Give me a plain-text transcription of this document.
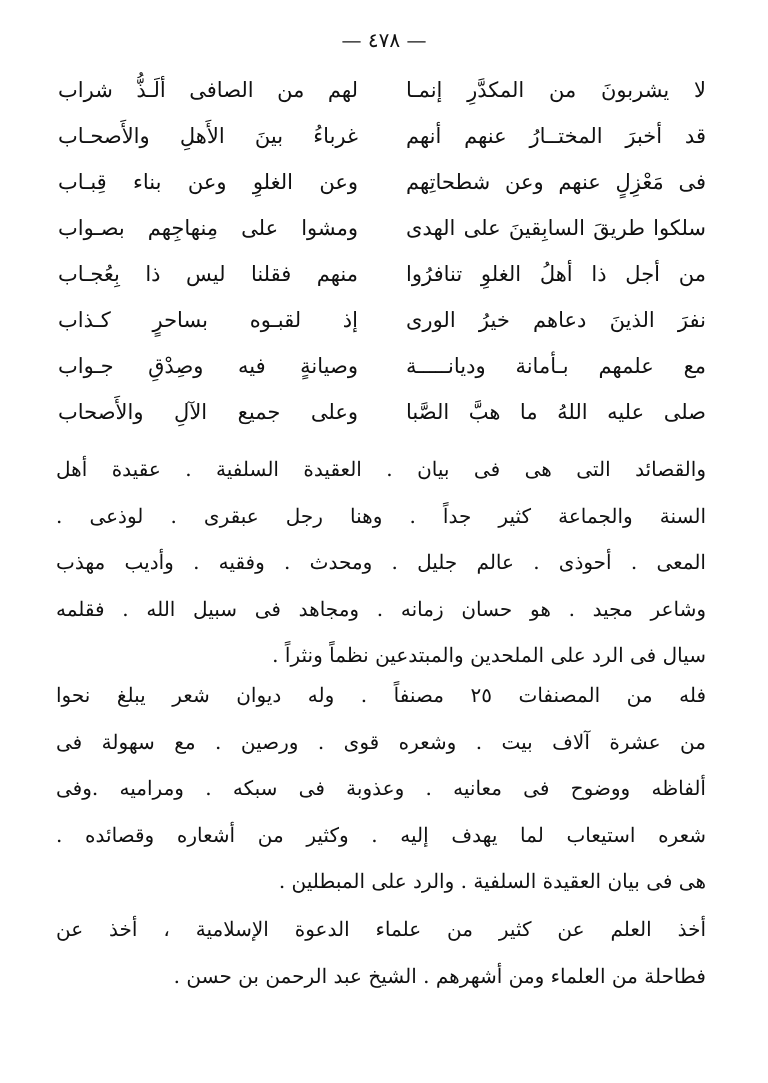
— ٤٧٨ —
لا يشربونَ من المكدَّرِ إنمـا
لهم من الصافى ألَـذُّ شراب
قد أخبرَ المختــارُ عنهم أنهم
غرباءُ بينَ الأَهلِ والأَصحـاب
فى مَعْزِلٍ عنهم وعن شطحاتِهم
وعن الغلوِ وعن بناء قِبـاب
سلكوا طريقَ السابِقينَ على الهدى
ومشوا على مِنهاجِهم بصـواب
من أجل ذا أهلُ الغلوِ تنافرُوا
منهم فقلنا ليس ذا بِعُجـاب
نفرَ الذينَ دعاهم خيرُ الورى
إذ لقبـوه بساحرٍ كـذاب
مع علمهم بـأمانة وديانـــــة
وصيانةٍ فيه وصِدْقِ جـواب
صلى عليه اللهُ ما هبَّ الصَّبا
وعلى جميع الآلِ والأَصحاب
والقصائد التى هى فى بيان . العقيدة السلفية . عقيدة أهل
السنة والجماعة كثير جداً . وهنا رجل عبقرى . لوذعى .
المعى . أحوذى . عالم جليل . ومحدث . وفقيه . وأديب مهذب
وشاعر مجيد . هو حسان زمانه . ومجاهد فى سبيل الله . فقلمه
سيال فى الرد على الملحدين والمبتدعين نظماً ونثراً .
فله من المصنفات ٢٥ مصنفاً . وله ديوان شعر يبلغ نحوا
من عشرة آلاف بيت . وشعره قوى . ورصين . مع سهولة فى
ألفاظه ووضوح فى معانيه . وعذوبة فى سبكه . ومراميه .وفى
شعره استيعاب لما يهدف إليه . وكثير من أشعاره وقصائده .
هى فى بيان العقيدة السلفية . والرد على المبطلين .
أخذ العلم عن كثير من علماء الدعوة الإسلامية ، أخذ عن
فطاحلة من العلماء ومن أشهرهم . الشيخ عبد الرحمن بن حسن .
